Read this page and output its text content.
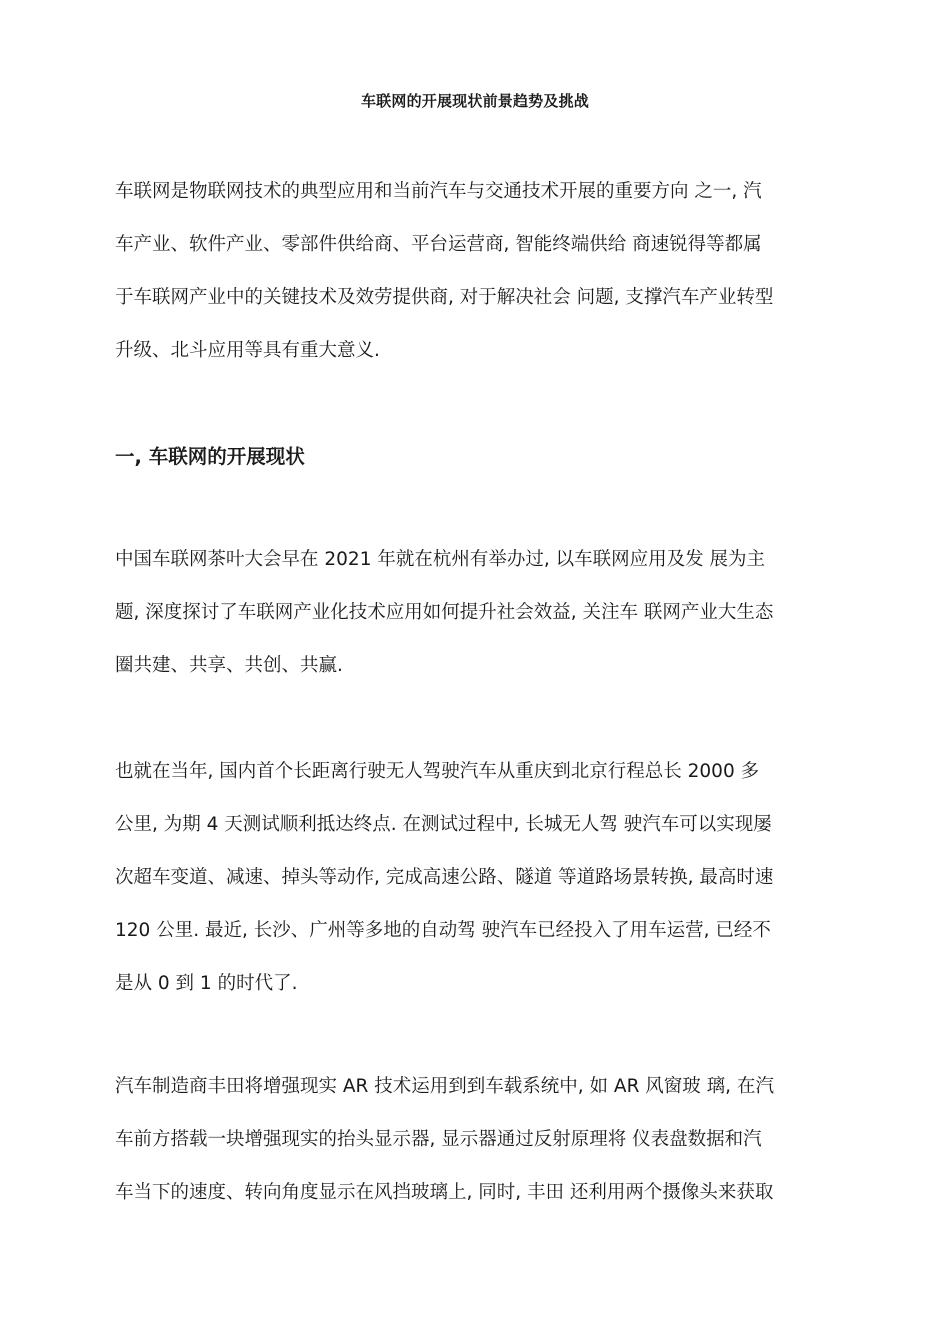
车联网的开展现状前景趋势及挑战

车联网是物联网技术的典型应用和当前汽车与交通技术开展的重要方向 之一, 汽
车产业、软件产业、零部件供给商、平台运营商, 智能终端供给 商速锐得等都属
于车联网产业中的关键技术及效劳提供商, 对于解决社会 问题, 支撑汽车产业转型
升级、北斗应用等具有重大意义.

一, 车联网的开展现状

中国车联网茶叶大会早在 2021 年就在杭州有举办过, 以车联网应用及发 展为主
题, 深度探讨了车联网产业化技术应用如何提升社会效益, 关注车 联网产业大生态
圈共建、共享、共创、共赢.

也就在当年, 国内首个长距离行驶无人驾驶汽车从重庆到北京行程总长 2000 多
公里, 为期 4 天测试顺利抵达终点. 在测试过程中, 长城无人驾 驶汽车可以实现屡
次超车变道、减速、掉头等动作, 完成高速公路、隧道 等道路场景转换, 最高时速
120 公里. 最近, 长沙、广州等多地的自动驾 驶汽车已经投入了用车运营, 已经不
是从 0 到 1 的时代了.

汽车制造商丰田将增强现实 AR 技术运用到到车载系统中, 如 AR 风窗玻 璃, 在汽
车前方搭载一块增强现实的抬头显示器, 显示器通过反射原理将 仪表盘数据和汽
车当下的速度、转向角度显示在风挡玻璃上, 同时, 丰田 还利用两个摄像头来获取
